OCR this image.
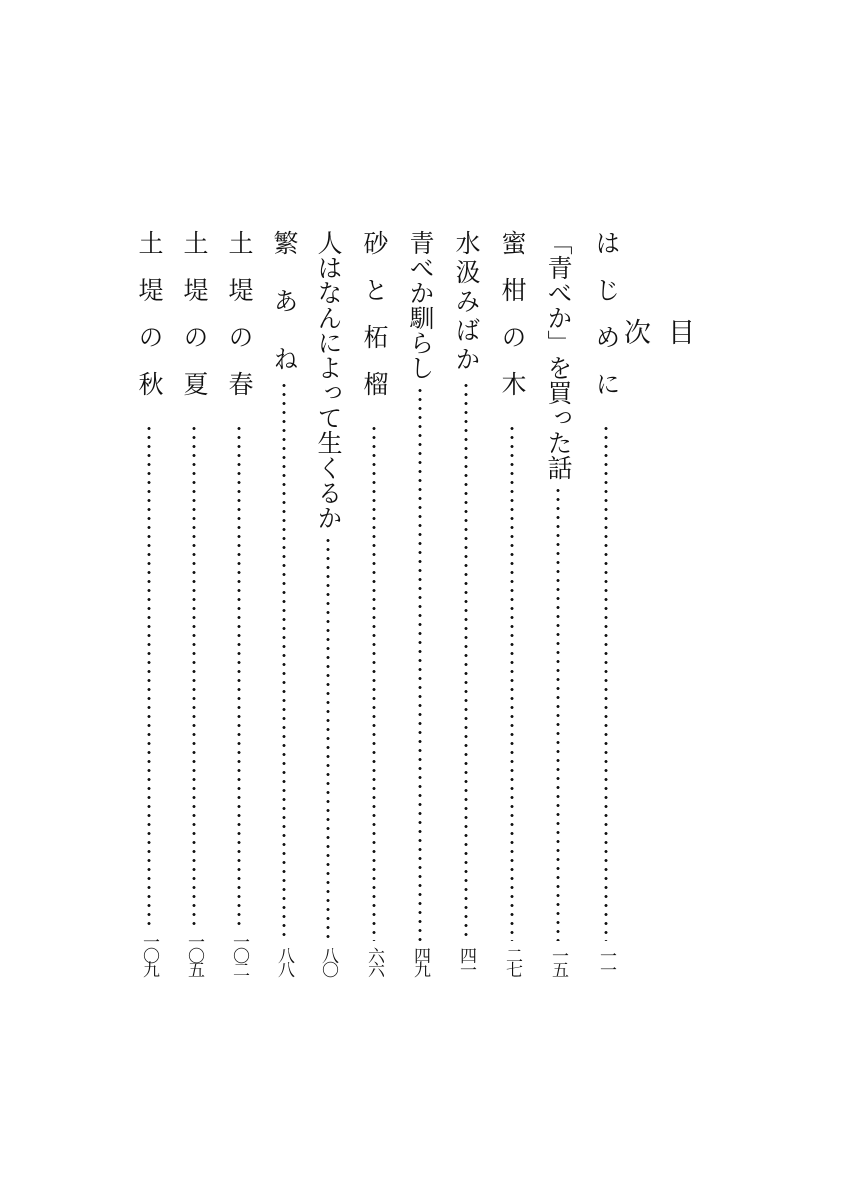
目　次
はじめに
一一
「青べか」を買った話
一五
蜜柑の木
二七
水汲みばか
四一
青べか馴らし
四九
砂と柘榴
六六
人はなんによって生くるか
八〇
繁　あ　ね
八八
土堤の春
一〇二
土堤の夏
一〇五
土堤の秋
一〇九
